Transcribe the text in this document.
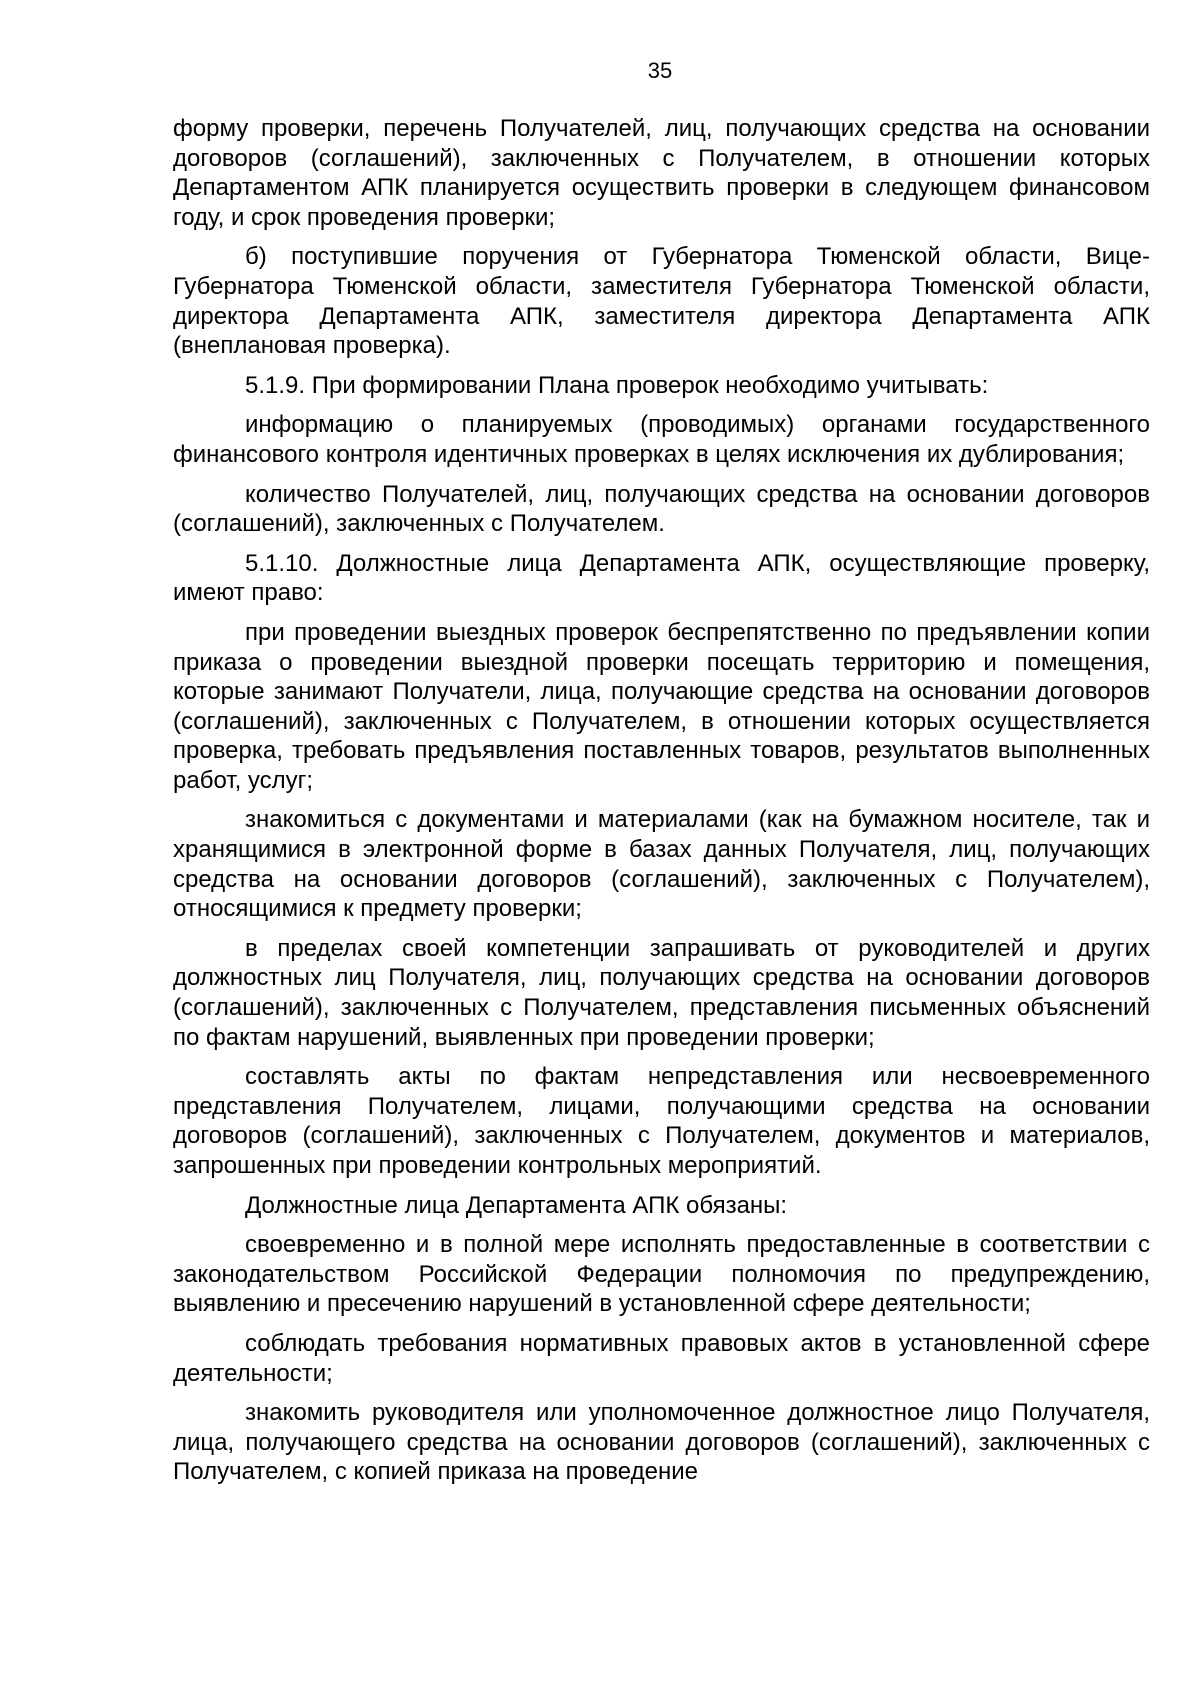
35

форму проверки, перечень Получателей, лиц, получающих средства на основании договоров (соглашений), заключенных с Получателем, в отношении которых Департаментом АПК планируется осуществить проверки в следующем финансовом году, и срок проведения проверки;

б) поступившие поручения от Губернатора Тюменской области, Вице-Губернатора Тюменской области, заместителя Губернатора Тюменской области, директора Департамента АПК, заместителя директора Департамента АПК (внеплановая проверка).

5.1.9. При формировании Плана проверок необходимо учитывать:

информацию о планируемых (проводимых) органами государственного финансового контроля идентичных проверках в целях исключения их дублирования;

количество Получателей, лиц, получающих средства на основании договоров (соглашений), заключенных с Получателем.

5.1.10. Должностные лица Департамента АПК, осуществляющие проверку, имеют право:

при проведении выездных проверок беспрепятственно по предъявлении копии приказа о проведении выездной проверки посещать территорию и помещения, которые занимают Получатели, лица, получающие средства на основании договоров (соглашений), заключенных с Получателем, в отношении которых осуществляется проверка, требовать предъявления поставленных товаров, результатов выполненных работ, услуг;

знакомиться с документами и материалами (как на бумажном носителе, так и хранящимися в электронной форме в базах данных Получателя, лиц, получающих средства на основании договоров (соглашений), заключенных с Получателем), относящимися к предмету проверки;

в пределах своей компетенции запрашивать от руководителей и других должностных лиц Получателя, лиц, получающих средства на основании договоров (соглашений), заключенных с Получателем, представления письменных объяснений по фактам нарушений, выявленных при проведении проверки;

составлять акты по фактам непредставления или несвоевременного представления Получателем, лицами, получающими средства на основании договоров (соглашений), заключенных с Получателем, документов и материалов, запрошенных при проведении контрольных мероприятий.

Должностные лица Департамента АПК обязаны:

своевременно и в полной мере исполнять предоставленные в соответствии с законодательством Российской Федерации полномочия по предупреждению, выявлению и пресечению нарушений в установленной сфере деятельности;

соблюдать требования нормативных правовых актов в установленной сфере деятельности;

знакомить руководителя или уполномоченное должностное лицо Получателя, лица, получающего средства на основании договоров (соглашений), заключенных с Получателем, с копией приказа на проведение
